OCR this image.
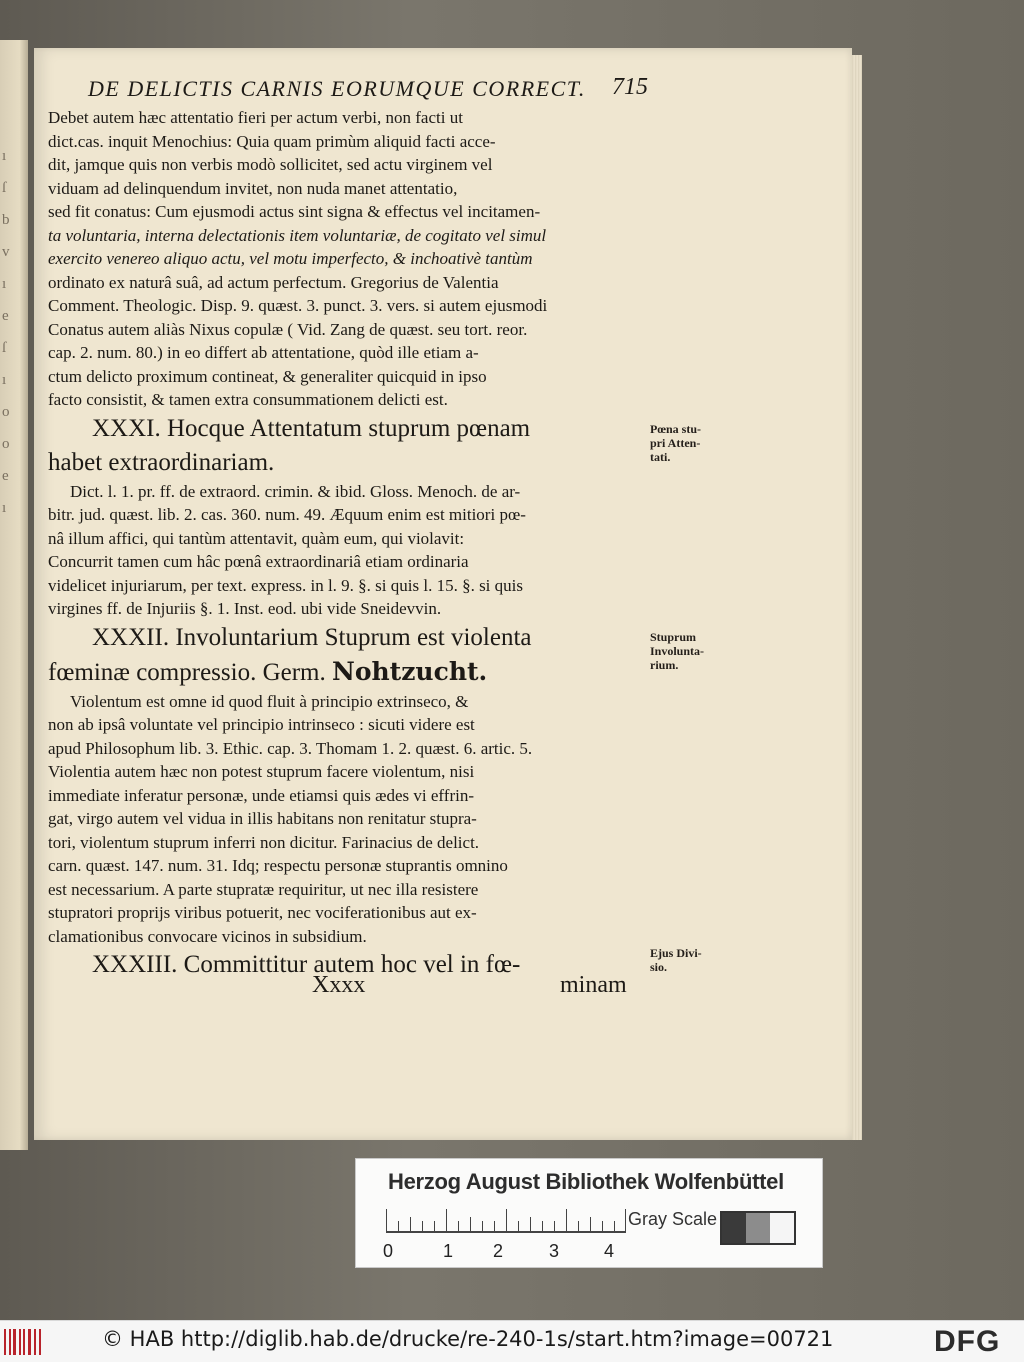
ı
ſ
b
v
ı
e
ſ
ı
o
o
e
ı
DE DELICTIS CARNIS EORUMQUE CORRECT.	715
Debet autem hæc attentatio fieri per actum verbi, non facti ut
dict.cas. inquit Menochius: Quia quam primùm aliquid facti acce-
dit, jamque quis non verbis modò sollicitet, sed actu virginem vel
viduam ad delinquendum invitet, non nuda manet attentatio,
sed fit conatus: Cum ejusmodi actus sint signa & effectus vel incitamen-
ta voluntaria, interna delectationis item voluntariæ, de cogitato vel simul
exercito venereo aliquo actu, vel motu imperfecto, & inchoativè tantùm
ordinato ex naturâ suâ, ad actum perfectum. Gregorius de Valentia
Comment. Theologic. Disp. 9. quæst. 3. punct. 3. vers. si autem ejusmodi
Conatus autem aliàs Nixus copulæ ( Vid. Zang de quæst. seu tort. reor.
cap. 2. num. 80.) in eo differt ab attentatione, quòd ille etiam a-
ctum delicto proximum contineat, & generaliter quicquid in ipso
facto consistit, & tamen extra consummationem delicti est.
XXXI. Hocque Attentatum stuprum pœnam
habet extraordinariam.
Dict. l. 1. pr. ff. de extraord. crimin. & ibid. Gloss. Menoch. de ar-
bitr. jud. quæst. lib. 2. cas. 360. num. 49. Æquum enim est mitiori pœ-
nâ illum affici, qui tantùm attentavit, quàm eum, qui violavit:
Concurrit tamen cum hâc pœnâ extraordinariâ etiam ordinaria
videlicet injuriarum, per text. express. in l. 9. §. si quis l. 15. §. si quis
virgines ff. de Injuriis §. 1. Inst. eod. ubi vide Sneidevvin.
XXXII. Involuntarium Stuprum est violenta
fœminæ compressio. Germ. Nohtzucht.
Violentum est omne id quod fluit à principio extrinseco, &
non ab ipsâ voluntate vel principio intrinseco : sicuti videre est
apud Philosophum lib. 3. Ethic. cap. 3. Thomam 1. 2. quæst. 6. artic. 5.
Violentia autem hæc non potest stuprum facere violentum, nisi
immediate inferatur personæ, unde etiamsi quis ædes vi effrin-
gat, virgo autem vel vidua in illis habitans non renitatur stupra-
tori, violentum stuprum inferri non dicitur. Farinacius de delict.
carn. quæst. 147. num. 31. Idq; respectu personæ stuprantis omnino
est necessarium. A parte stupratæ requiritur, ut nec illa resistere
stupratori proprijs viribus potuerit, nec vociferationibus aut ex-
clamationibus convocare vicinos in subsidium.
XXXIII. Committitur autem hoc vel in fœ-
Pœna stu-
pri Atten-
tati.
Stuprum
Involunta-
rium.
Ejus Divi-
sio.
Xxxx	minam
Herzog August Bibliothek Wolfenbüttel
0	1 2	3 4
Gray Scale
© HAB http://diglib.hab.de/drucke/re-240-1s/start.htm?image=00721	DFG
